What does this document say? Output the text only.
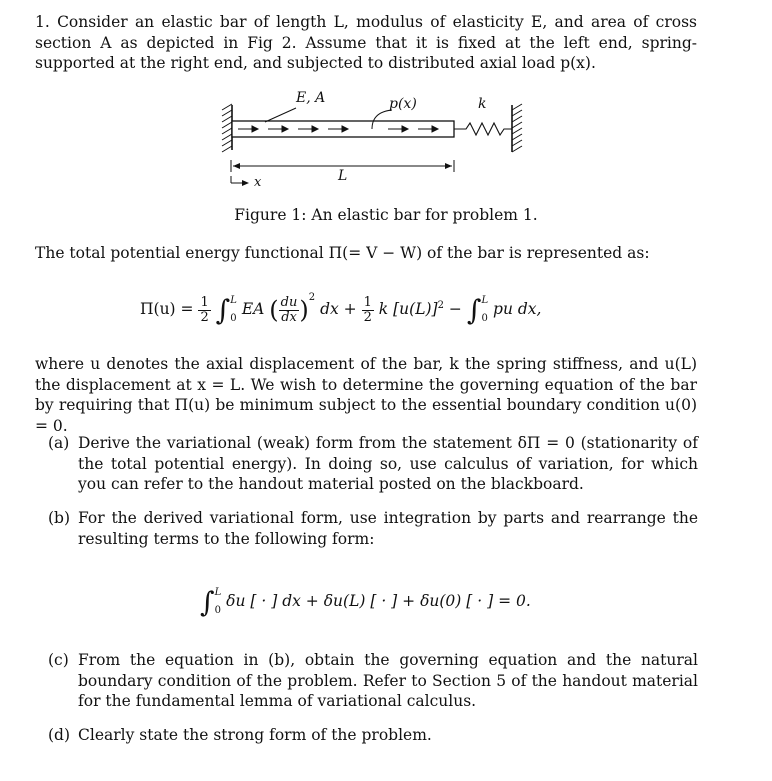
1. Consider an elastic bar of length L, modulus of elasticity E, and area of cross section A as depicted in Fig 2. Assume that it is fixed at the left end, spring-supported at the right end, and subjected to distributed axial load p(x).
E, A	p(x)	k
L
x
Figure 1: An elastic bar for problem 1.
The total potential energy functional Π(= V − W) of the bar is represented as:
$\Pi(u) = \frac{1}{2}$ ∫ L
0
EA ( $\frac{du}{dx} )^2$ dx + $\frac{1}{2}$ k $[u(L)]^2$ − ∫ L
0
pu dx,
where u denotes the axial displacement of the bar, k the spring stiffness, and u(L) the displacement at x = L. We wish to determine the governing equation of the bar by requiring that Π(u) be minimum subject to the essential boundary condition u(0) = 0.
(a) Derive the variational (weak) form from the statement δΠ = 0 (stationarity of the total potential energy). In doing so, use calculus of variation, for which you can refer to the handout material posted on the blackboard.
(b) For the derived variational form, use integration by parts and rearrange the resulting terms to the following form:
∫ L
0
δu [ · ] dx + δu(L) [ · ] + δu(0) [ · ] = 0.
(c) From the equation in (b), obtain the governing equation and the natural boundary condition of the problem. Refer to Section 5 of the handout material for the fundamental lemma of variational calculus.
(d) Clearly state the strong form of the problem.
